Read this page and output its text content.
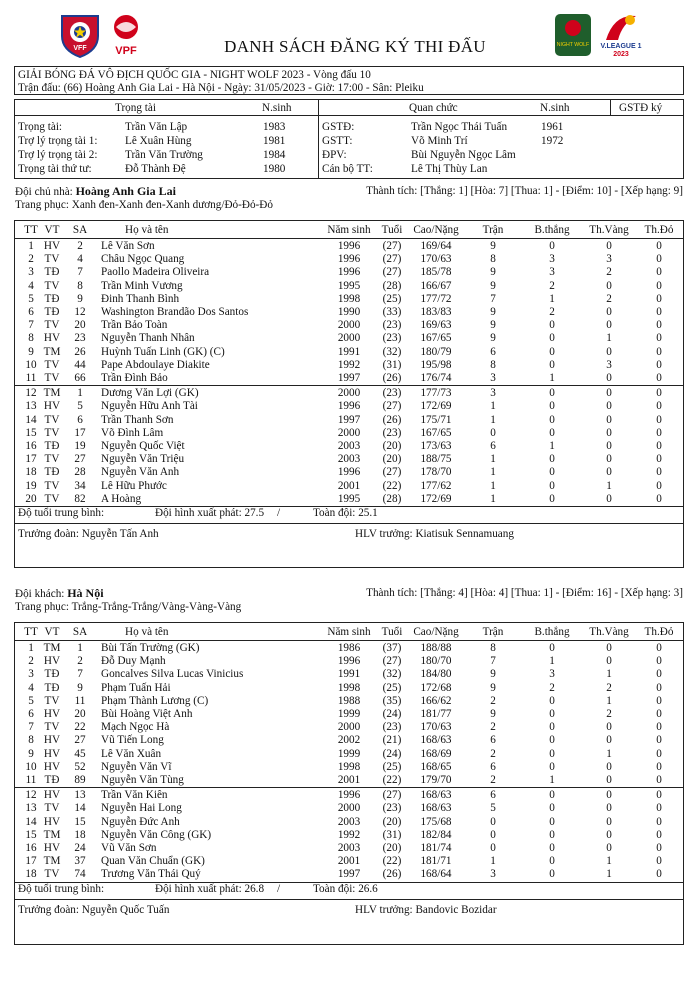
VFF	VPF	NIGHT WOLF V.LEAGUE 1
2023
DANH SÁCH ĐĂNG KÝ THI ĐẤU
GIẢI BÓNG ĐÁ VÔ ĐỊCH QUỐC GIA - NIGHT WOLF 2023 - Vòng đấu 10
Trận đấu: (66) Hoàng Anh Gia Lai - Hà Nội - Ngày: 31/05/2023 - Giờ: 17:00 - Sân: Pleiku
Trọng tài	N.sinh	Quan chức	N.sinh	GSTĐ ký
Trọng tài:	Trần Văn Lập	1983	GSTĐ:	Trần Ngọc Thái Tuấn	1961
Trợ lý trọng tài 1: Lê Xuân Hùng	1981	GSTT:	Võ Minh Trí	1972
Trợ lý trọng tài 2: Trần Văn Trường	1984	ĐPV:	Bùi Nguyễn Ngọc Lâm
Trọng tài thứ tư:	Đỗ Thành Đệ	1980	Cán bộ TT:	Lê Thị Thùy Lan
Đội chủ nhà: Hoàng Anh Gia Lai	Thành tích: [Thắng: 1] [Hòa: 7] [Thua: 1] - [Điểm: 10] - [Xếp hạng: 9]
Trang phục: Xanh đen-Xanh đen-Xanh dương/Đỏ-Đỏ-Đỏ
TT VT	SA	Họ và tên	Năm sinh Tuổi Cao/Nặng	Trận	B.thắng	Th.Vàng	Th.Đỏ
1 HV	2	Lê Văn Sơn	1996	(27)	169/64	9	0	0	0
2 TV	4	Châu Ngọc Quang	1996	(27)	170/63	8	3	3	0
3 TĐ	7	Paollo Madeira Oliveira	1996	(27)	185/78	9	3	2	0
4 TV	8	Trần Minh Vương	1995	(28)	166/67	9	2	0	0
5 TĐ	9	Đinh Thanh Bình	1998	(25)	177/72	7	1	2	0
6 TĐ	12	Washington Brandão Dos Santos	1990	(33)	183/83	9	2	0	0
7 TV	20	Trần Bảo Toàn	2000	(23)	169/63	9	0	0	0
8 HV	23	Nguyễn Thanh Nhân	2000	(23)	167/65	9	0	1	0
9 TM	26	Huỳnh Tuấn Linh (GK) (C)	1991	(32)	180/79	6	0	0	0
10 TV	44	Pape Abdoulaye Diakite	1992	(31)	195/98	8	0	3	0
11 TV	66	Trần Đình Bảo	1997	(26)	176/74	3	1	0	0
12 TM	1	Dương Văn Lợi (GK)	2000	(23)	177/73	3	0	0	0
13 HV	5	Nguyễn Hữu Anh Tài	1996	(27)	172/69	1	0	0	0
14 TV	6	Trần Thanh Sơn	1997	(26)	175/71	1	0	0	0
15 TV	17	Võ Đình Lâm	2000	(23)	167/65	0	0	0	0
16 TĐ	19	Nguyễn Quốc Việt	2003	(20)	173/63	6	1	0	0
17 TV	27	Nguyễn Văn Triệu	2003	(20)	188/75	1	0	0	0
18 TĐ	28	Nguyễn Văn Anh	1996	(27)	178/70	1	0	0	0
19 TV	34	Lê Hữu Phước	2001	(22)	177/62	1	0	1	0
20 TV	82	A Hoàng	1995	(28)	172/69	1	0	0	0
Độ tuổi trung bình:	Đội hình xuất phát: 27.5 /	Toàn đội: 25.1
Trưởng đoàn: Nguyễn Tấn Anh	HLV trưởng: Kiatisuk Sennamuang
Đội khách: Hà Nội	Thành tích: [Thắng: 4] [Hòa: 4] [Thua: 1] - [Điểm: 16] - [Xếp hạng: 3]
Trang phục: Trắng-Trắng-Trắng/Vàng-Vàng-Vàng
TT VT	SA	Họ và tên	Năm sinh Tuổi Cao/Nặng	Trận	B.thắng	Th.Vàng	Th.Đỏ
1 TM	1	Bùi Tấn Trường (GK)	1986	(37)	188/88	8	0	0	0
2 HV	2	Đỗ Duy Mạnh	1996	(27)	180/70	7	1	0	0
3 TĐ	7	Goncalves Silva Lucas Vinicius	1991	(32)	184/80	9	3	1	0
4 TĐ	9	Phạm Tuấn Hải	1998	(25)	172/68	9	2	2	0
5 TV	11	Phạm Thành Lương (C)	1988	(35)	166/62	2	0	1	0
6 HV	20	Bùi Hoàng Việt Anh	1999	(24)	181/77	9	0	2	0
7 TV	22	Mạch Ngọc Hà	2000	(23)	170/63	2	0	0	0
8 HV	27	Vũ Tiến Long	2002	(21)	168/63	6	0	0	0
9 HV	45	Lê Văn Xuân	1999	(24)	168/69	2	0	1	0
10 HV	52	Nguyễn Văn Vĩ	1998	(25)	168/65	6	0	0	0
11 TĐ	89	Nguyễn Văn Tùng	2001	(22)	179/70	2	1	0	0
12 HV	13	Trần Văn Kiên	1996	(27)	168/63	6	0	0	0
13 TV	14	Nguyễn Hai Long	2000	(23)	168/63	5	0	0	0
14 HV	15	Nguyễn Đức Anh	2003	(20)	175/68	0	0	0	0
15 TM	18	Nguyễn Văn Công (GK)	1992	(31)	182/84	0	0	0	0
16 HV	24	Vũ Văn Sơn	2003	(20)	181/74	0	0	0	0
17 TM	37	Quan Văn Chuẩn (GK)	2001	(22)	181/71	1	0	1	0
18 TV	74	Trương Văn Thái Quý	1997	(26)	168/64	3	0	1	0
Độ tuổi trung bình:	Đội hình xuất phát: 26.8 /	Toàn đội: 26.6
Trưởng đoàn: Nguyễn Quốc Tuấn	HLV trưởng: Bandovic Bozidar
